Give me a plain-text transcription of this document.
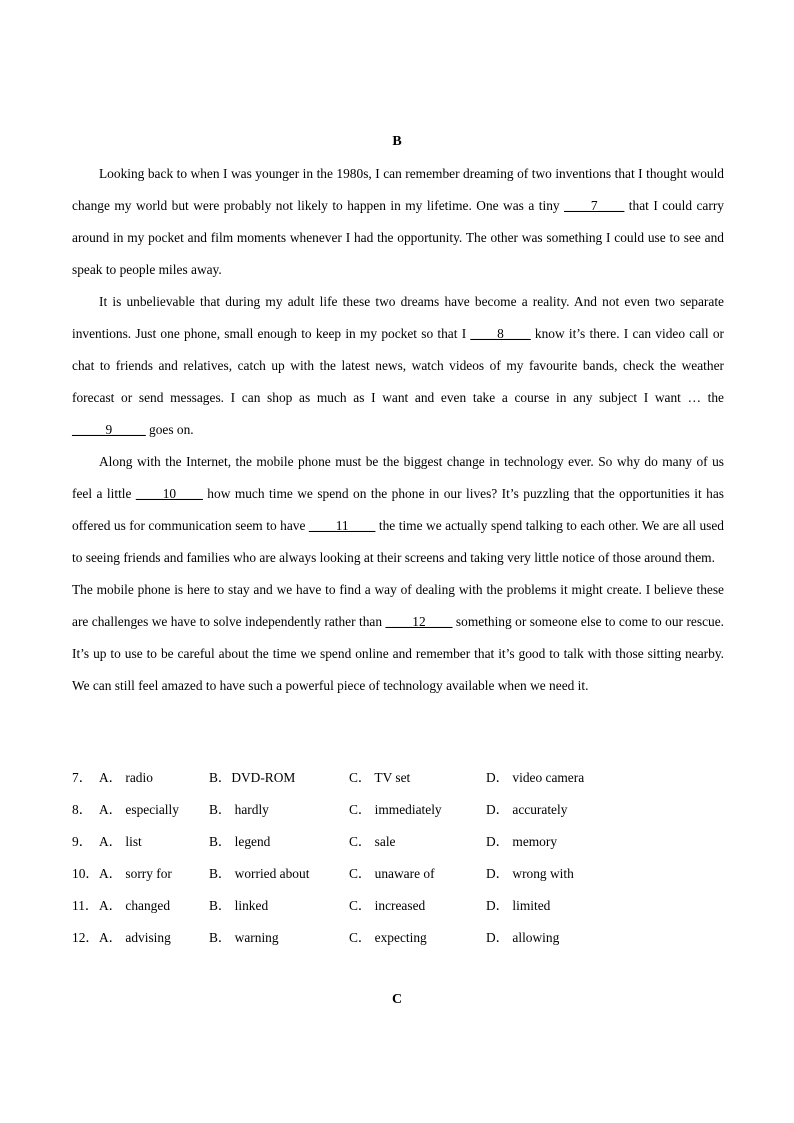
B

Looking back to when I was younger in the 1980s, I can remember dreaming of two inventions that I thought would change my world but were probably not likely to happen in my lifetime. One was a tiny ____7____ that I could carry around in my pocket and film moments whenever I had the opportunity. The other was something I could use to see and speak to people miles away.

It is unbelievable that during my adult life these two dreams have become a reality. And not even two separate inventions. Just one phone, small enough to keep in my pocket so that I ____8____ know it’s there. I can video call or chat to friends and relatives, catch up with the latest news, watch videos of my favourite bands, check the weather forecast or send messages. I can shop as much as I want and even take a course in any subject I want … the _____9_____ goes on.

Along with the Internet, the mobile phone must be the biggest change in technology ever. So why do many of us feel a little ____10____ how much time we spend on the phone in our lives? It’s puzzling that the opportunities it has offered us for communication seem to have ____11____ the time we actually spend talking to each other. We are all used to seeing friends and families who are always looking at their screens and taking very little notice of those around them.

The mobile phone is here to stay and we have to find a way of dealing with the problems it might create. I believe these are challenges we have to solve independently rather than ____12____ something or someone else to come to our rescue. It’s up to use to be careful about the time we spend online and remember that it’s good to talk with those sitting nearby. We can still feel amazed to have such a powerful piece of technology available when we need it.

7． A． radio	B．DVD-ROM	C． TV set	D． video camera
8． A． especially B． hardly	C． immediately	D． accurately
9． A． list	B． legend	C． sale	D． memory
10． A． sorry for	B． worried about	C． unaware of	D． wrong with
11． A． changed	B． linked	C． increased	D． limited
12． A． advising	B． warning	C． expecting	D． allowing
C
